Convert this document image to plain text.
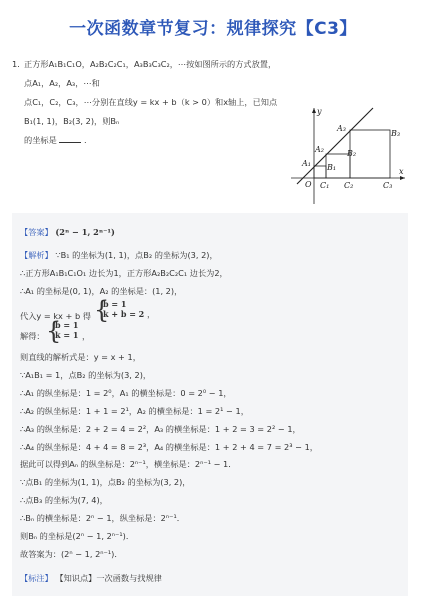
一次函数章节复习：规律探究【C3】
1. 正方形A₁B₁C₁O，A₂B₂C₂C₁，A₃B₃C₃C₂，⋯按如图所示的方式放置，点A₁，A₂，A₃，⋯和
点C₁，C₂，C₃，⋯分别在直线y = kx + b（k > 0）和x轴上，已知点B₁(1, 1)，B₂(3, 2)，则Bₙ
的坐标是	.
y
x
O
A₁
A₂
A₃
B₁
B₂
B₃
C₁ C₂	C₃
【答案】 (2ⁿ − 1, 2ⁿ⁻¹)
【解析】 ∵B₁ 的坐标为(1, 1)，点B₂ 的坐标为(3, 2)，
∴正方形A₁B₁C₁O₁ 边长为1，正方形A₂B₂C₂C₁ 边长为2，
∴A₁ 的坐标是(0, 1)，A₂ 的坐标是：(1, 2)，
代入y = kx + b 得 {
b = 1
k + b = 2 ，
解得： {
b = 1
k = 1 ，
则直线的解析式是：y = x + 1，
∵A₁B₁ = 1，点B₂ 的坐标为(3, 2)，
∴A₁ 的纵坐标是：1 = 2⁰，A₁ 的横坐标是：0 = 2⁰ − 1，
∴A₂ 的纵坐标是：1 + 1 = 2¹，A₂ 的横坐标是：1 = 2¹ − 1，
∴A₃ 的纵坐标是：2 + 2 = 4 = 2²，A₃ 的横坐标是：1 + 2 = 3 = 2² − 1，
∴A₄ 的纵坐标是：4 + 4 = 8 = 2³，A₄ 的横坐标是：1 + 2 + 4 = 7 = 2³ − 1，
据此可以得到Aₙ 的纵坐标是：2ⁿ⁻¹，横坐标是：2ⁿ⁻¹ − 1．
∵点B₁ 的坐标为(1, 1)，点B₂ 的坐标为(3, 2)，
∴点B₃ 的坐标为(7, 4)，
∴Bₙ 的横坐标是：2ⁿ − 1，纵坐标是：2ⁿ⁻¹．
则Bₙ 的坐标是(2ⁿ − 1, 2ⁿ⁻¹)．
故答案为：(2ⁿ − 1, 2ⁿ⁻¹)．
【标注】 【知识点】一次函数与找规律
